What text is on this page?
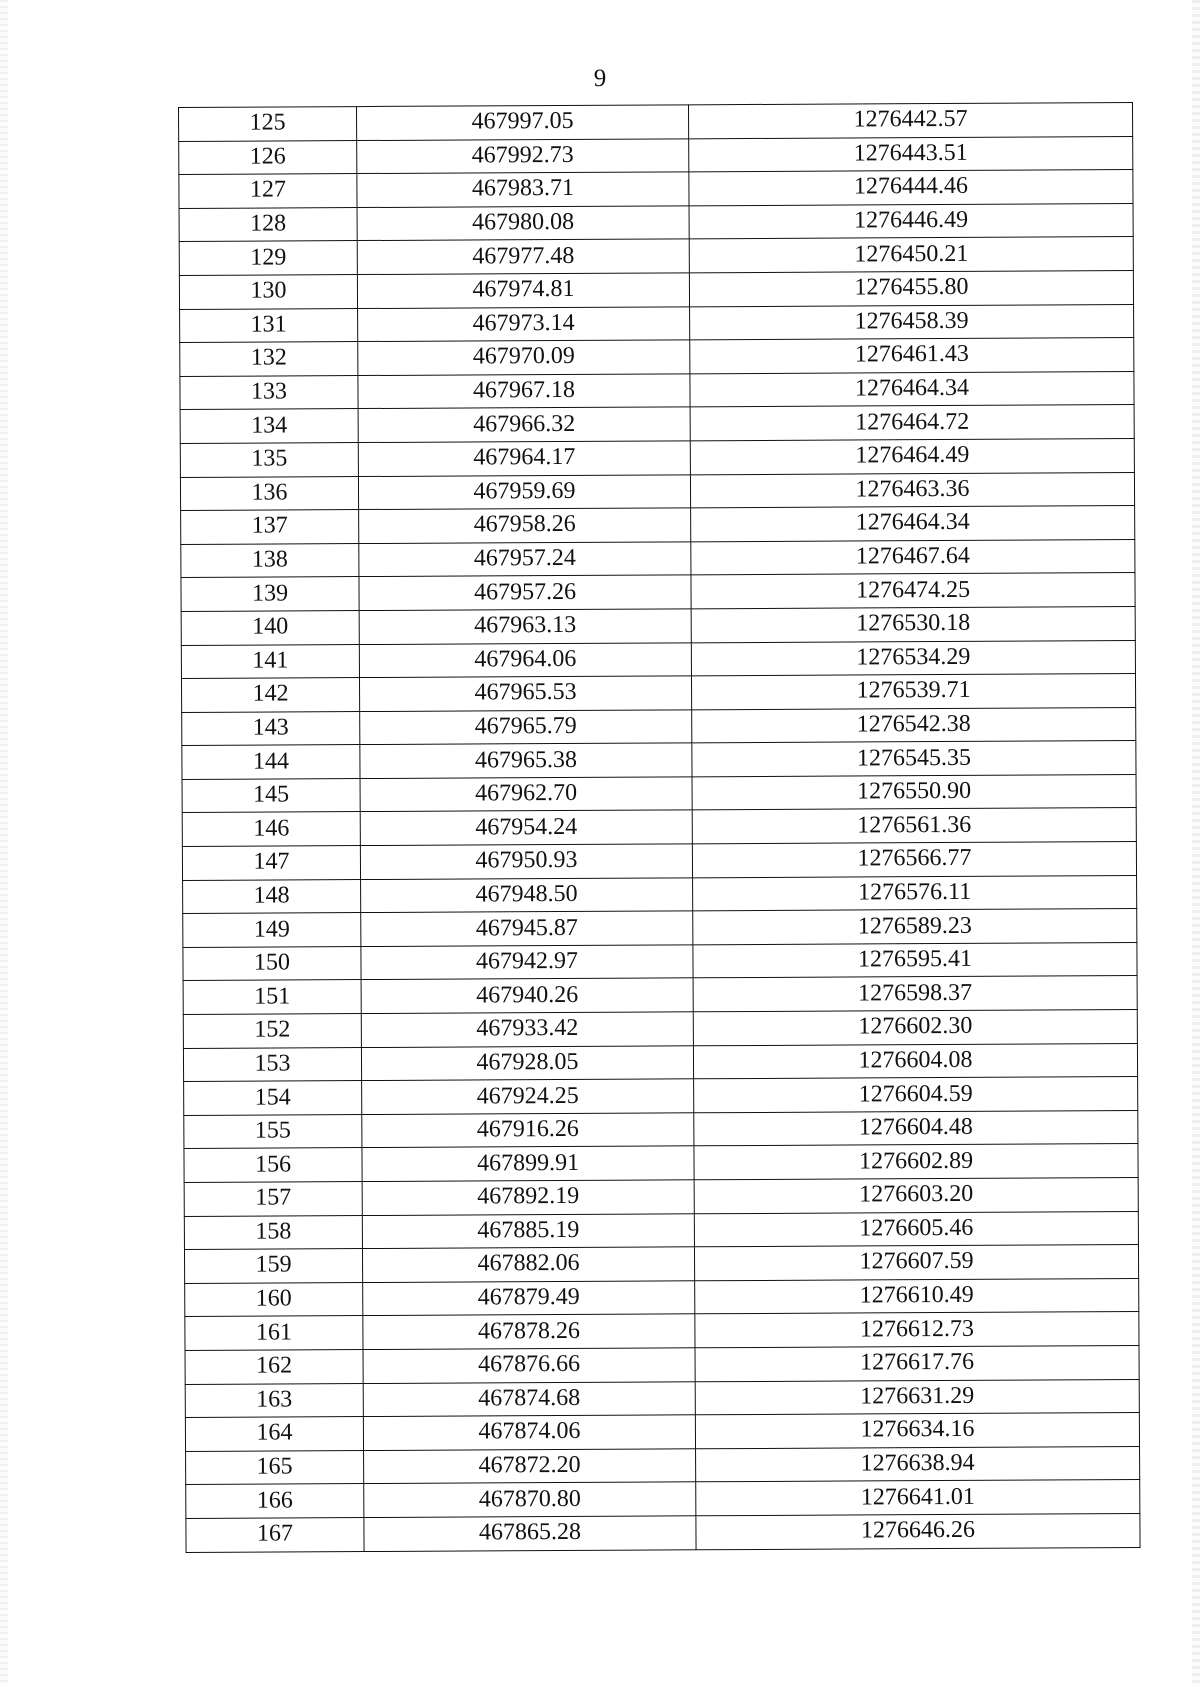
9
125	467997.05	1276442.57
126	467992.73	1276443.51
127	467983.71	1276444.46
128	467980.08	1276446.49
129	467977.48	1276450.21
130	467974.81	1276455.80
131	467973.14	1276458.39
132	467970.09	1276461.43
133	467967.18	1276464.34
134	467966.32	1276464.72
135	467964.17	1276464.49
136	467959.69	1276463.36
137	467958.26	1276464.34
138	467957.24	1276467.64
139	467957.26	1276474.25
140	467963.13	1276530.18
141	467964.06	1276534.29
142	467965.53	1276539.71
143	467965.79	1276542.38
144	467965.38	1276545.35
145	467962.70	1276550.90
146	467954.24	1276561.36
147	467950.93	1276566.77
148	467948.50	1276576.11
149	467945.87	1276589.23
150	467942.97	1276595.41
151	467940.26	1276598.37
152	467933.42	1276602.30
153	467928.05	1276604.08
154	467924.25	1276604.59
155	467916.26	1276604.48
156	467899.91	1276602.89
157	467892.19	1276603.20
158	467885.19	1276605.46
159	467882.06	1276607.59
160	467879.49	1276610.49
161	467878.26	1276612.73
162	467876.66	1276617.76
163	467874.68	1276631.29
164	467874.06	1276634.16
165	467872.20	1276638.94
166	467870.80	1276641.01
167	467865.28	1276646.26
